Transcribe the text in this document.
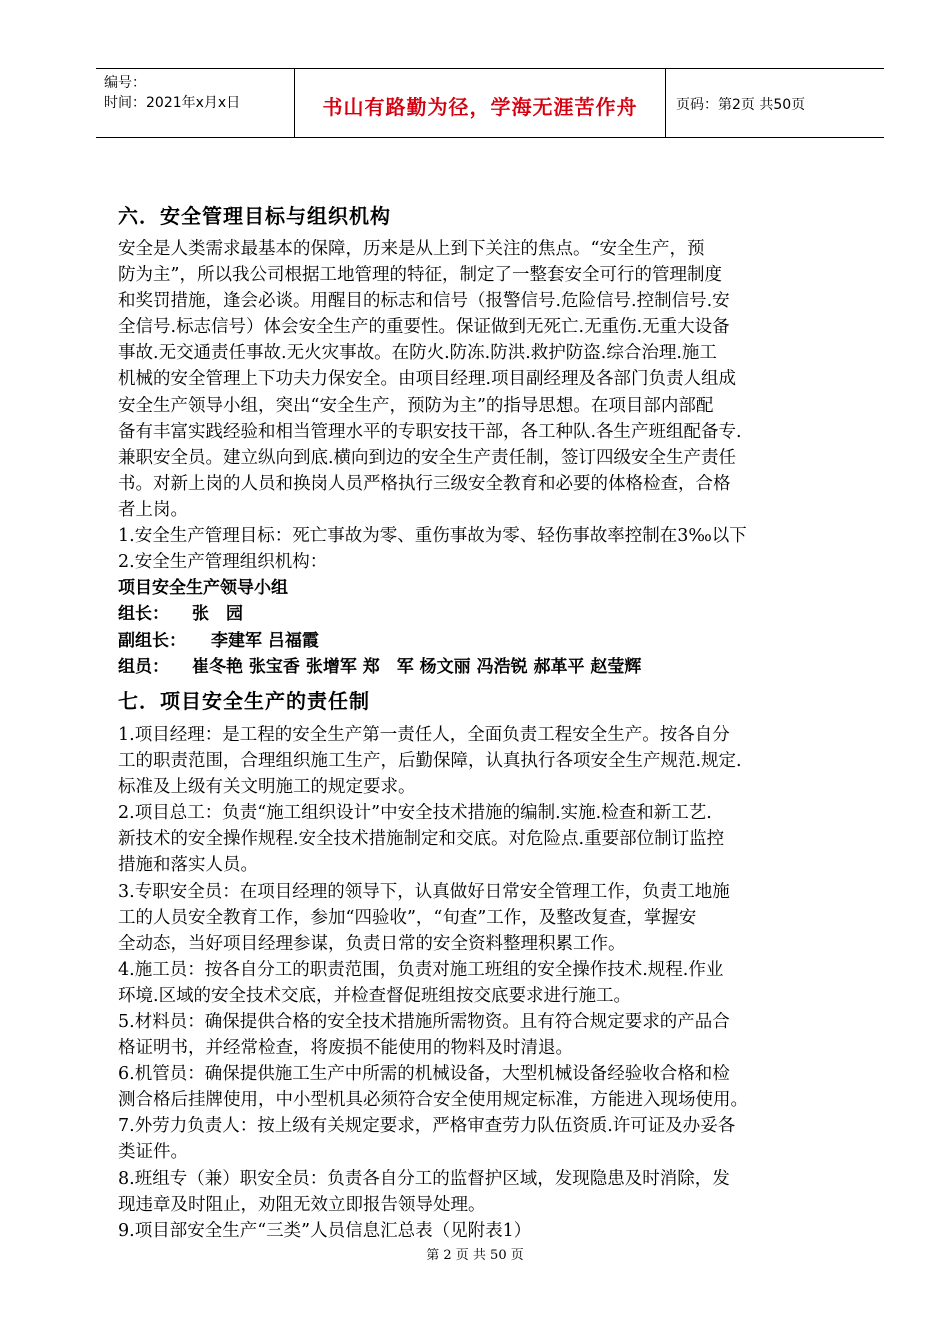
编号：
时间：2021年x月x日	书山有路勤为径，学海无涯苦作舟	页码：第2页 共50页
六．安全管理目标与组织机构
安全是人类需求最基本的保障，历来是从上到下关注的焦点。“安全生产，预
防为主”，所以我公司根据工地管理的特征，制定了一整套安全可行的管理制度
和奖罚措施，逢会必谈。用醒目的标志和信号（报警信号.危险信号.控制信号.安
全信号.标志信号）体会安全生产的重要性。保证做到无死亡.无重伤.无重大设备
事故.无交通责任事故.无火灾事故。在防火.防冻.防洪.救护防盗.综合治理.施工
机械的安全管理上下功夫力保安全。由项目经理.项目副经理及各部门负责人组成
安全生产领导小组，突出“安全生产，预防为主”的指导思想。在项目部内部配
备有丰富实践经验和相当管理水平的专职安技干部，各工种队.各生产班组配备专.
兼职安全员。建立纵向到底.横向到边的安全生产责任制，签订四级安全生产责任
书。对新上岗的人员和换岗人员严格执行三级安全教育和必要的体格检查，合格
者上岗。
1.安全生产管理目标：死亡事故为零、重伤事故为零、轻伤事故率控制在3‰以下
2.安全生产管理组织机构：
项目安全生产领导小组
组长： 张　园
副组长： 李建军 吕福霞
组员： 崔冬艳 张宝香 张增军 郑　军 杨文丽 冯浩锐 郝革平 赵莹辉
七．项目安全生产的责任制
1.项目经理：是工程的安全生产第一责任人，全面负责工程安全生产。按各自分
工的职责范围，合理组织施工生产，后勤保障，认真执行各项安全生产规范.规定.
标准及上级有关文明施工的规定要求。
2.项目总工：负责“施工组织设计”中安全技术措施的编制.实施.检查和新工艺.
新技术的安全操作规程.安全技术措施制定和交底。对危险点.重要部位制订监控
措施和落实人员。
3.专职安全员：在项目经理的领导下，认真做好日常安全管理工作，负责工地施
工的人员安全教育工作，参加“四验收”，“旬查”工作，及整改复查，掌握安
全动态，当好项目经理参谋，负责日常的安全资料整理积累工作。
4.施工员：按各自分工的职责范围，负责对施工班组的安全操作技术.规程.作业
环境.区域的安全技术交底，并检查督促班组按交底要求进行施工。
5.材料员：确保提供合格的安全技术措施所需物资。且有符合规定要求的产品合
格证明书，并经常检查，将废损不能使用的物料及时清退。
6.机管员：确保提供施工生产中所需的机械设备，大型机械设备经验收合格和检
测合格后挂牌使用，中小型机具必须符合安全使用规定标准，方能进入现场使用。
7.外劳力负责人：按上级有关规定要求，严格审查劳力队伍资质.许可证及办妥各
类证件。
8.班组专（兼）职安全员：负责各自分工的监督护区域，发现隐患及时消除，发
现违章及时阻止，劝阻无效立即报告领导处理。
9.项目部安全生产“三类”人员信息汇总表（见附表1）
第 2 页 共 50 页
